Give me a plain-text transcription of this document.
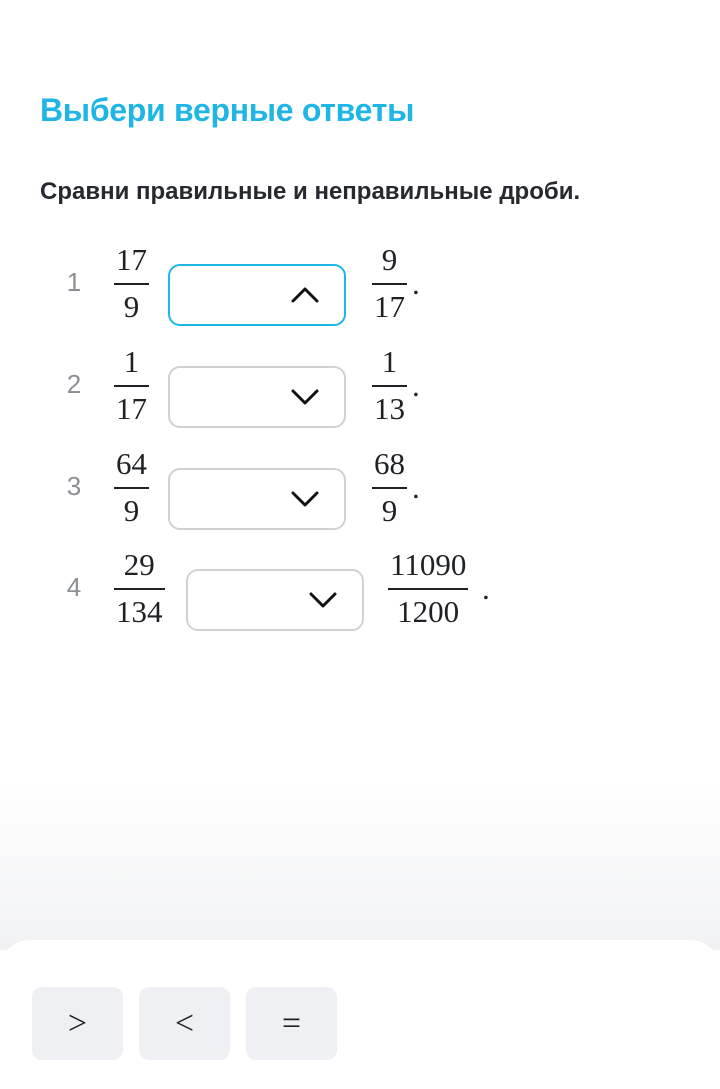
Выбери верные ответы

Сравни правильные и неправильные дроби.

1
17
9
9
17
.
2
1
17
1
13
.
3
64
9
68
9
.
4
29
134
11090
1200
.
>	<	=
